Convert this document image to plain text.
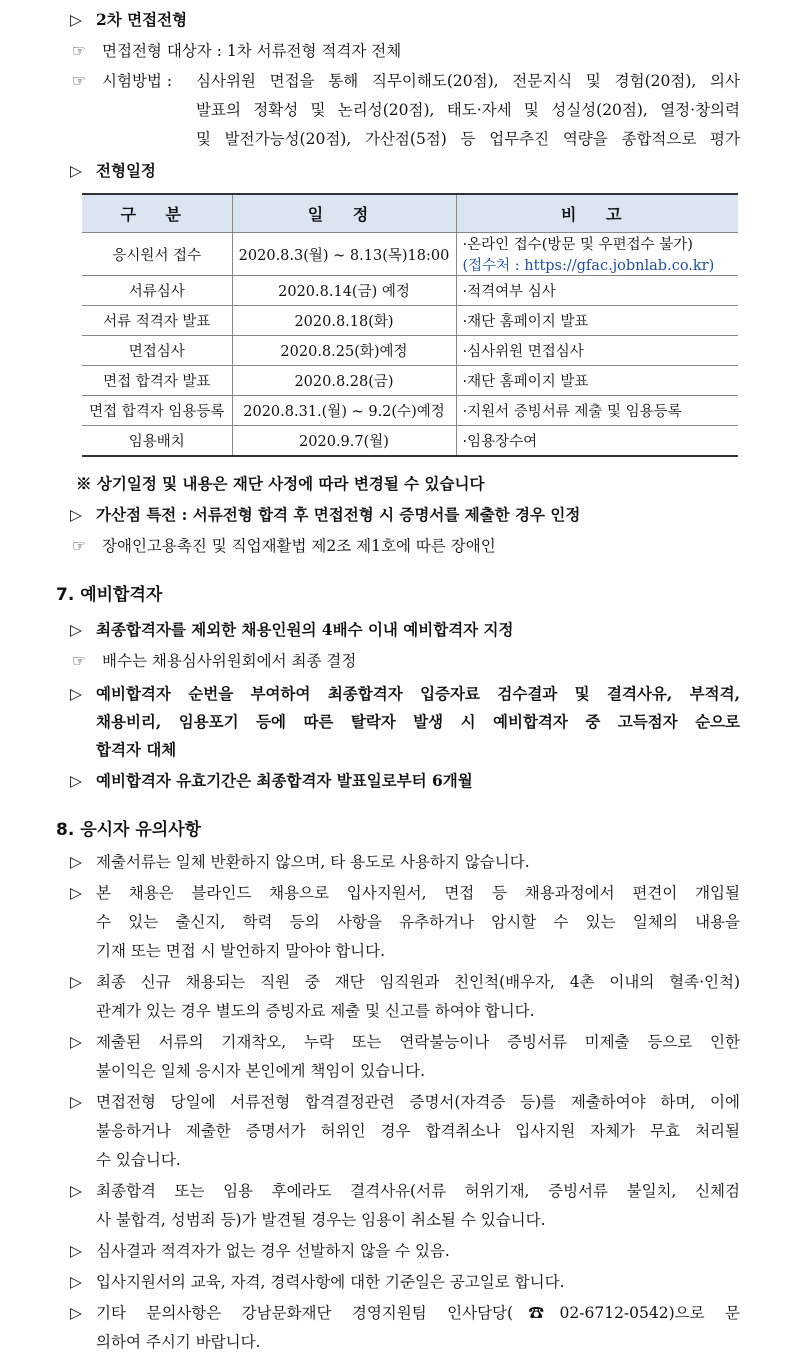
▷ 2차 면접전형
☞ 면접전형 대상자 : 1차 서류전형 적격자 전체
☞ 시험방법 : 심사위원 면접을 통해 직무이해도(20점), 전문지식 및 경험(20점), 의사
발표의 정확성 및 논리성(20점), 태도·자세 및 성실성(20점), 열정·창의력
및 발전가능성(20점), 가산점(5점) 등 업무추진 역량을 종합적으로 평가
▷ 전형일정
구 분	일 정	비 고
응시원서 접수	2020.8.3(월) ~ 8.13(목)18:00	·온라인 접수(방문 및 우편접수 불가)
(접수처 : https://gfac.jobnlab.co.kr)

서류심사	2020.8.14(금) 예정	·적격여부 심사
서류 적격자 발표	2020.8.18(화)	·재단 홈페이지 발표
면접심사	2020.8.25(화)예정	·심사위원 면접심사
면접 합격자 발표	2020.8.28(금)	·재단 홈페이지 발표
면접 합격자 임용등록	2020.8.31.(월) ~ 9.2(수)예정	·지원서 증빙서류 제출 및 임용등록
임용배치	2020.9.7(월)	·임용장수여
※ 상기일정 및 내용은 재단 사정에 따라 변경될 수 있습니다
▷ 가산점 특전 : 서류전형 합격 후 면접전형 시 증명서를 제출한 경우 인정
☞ 장애인고용촉진 및 직업재활법 제2조 제1호에 따른 장애인
7. 예비합격자
▷ 최종합격자를 제외한 채용인원의 4배수 이내 예비합격자 지정
☞ 배수는 채용심사위원회에서 최종 결정
▷ 예비합격자 순번을 부여하여 최종합격자 입증자료 검수결과 및 결격사유, 부적격,
채용비리, 임용포기 등에 따른 탈락자 발생 시 예비합격자 중 고득점자 순으로
합격자 대체
▷ 예비합격자 유효기간은 최종합격자 발표일로부터 6개월
8. 응시자 유의사항
▷ 제출서류는 일체 반환하지 않으며, 타 용도로 사용하지 않습니다.
▷ 본 채용은 블라인드 채용으로 입사지원서, 면접 등 채용과정에서 편견이 개입될
수 있는 출신지, 학력 등의 사항을 유추하거나 암시할 수 있는 일체의 내용을
기재 또는 면접 시 발언하지 말아야 합니다.
▷ 최종 신규 채용되는 직원 중 재단 임직원과 친인척(배우자, 4촌 이내의 혈족·인척)
관계가 있는 경우 별도의 증빙자료 제출 및 신고를 하여야 합니다.
▷ 제출된 서류의 기재착오, 누락 또는 연락불능이나 증빙서류 미제출 등으로 인한
불이익은 일체 응시자 본인에게 책임이 있습니다.
▷ 면접전형 당일에 서류전형 합격결정관련 증명서(자격증 등)를 제출하여야 하며, 이에
불응하거나 제출한 증명서가 허위인 경우 합격취소나 입사지원 자체가 무효 처리될
수 있습니다.
▷ 최종합격 또는 임용 후에라도 결격사유(서류 허위기재, 증빙서류 불일치, 신체검
사 불합격, 성범죄 등)가 발견될 경우는 임용이 취소될 수 있습니다.
▷ 심사결과 적격자가 없는 경우 선발하지 않을 수 있음.
▷ 입사지원서의 교육, 자격, 경력사항에 대한 기준일은 공고일로 합니다.
▷ 기타 문의사항은 강남문화재단 경영지원팀 인사담당(☎02-6712-0542)으로 문
의하여 주시기 바랍니다.
